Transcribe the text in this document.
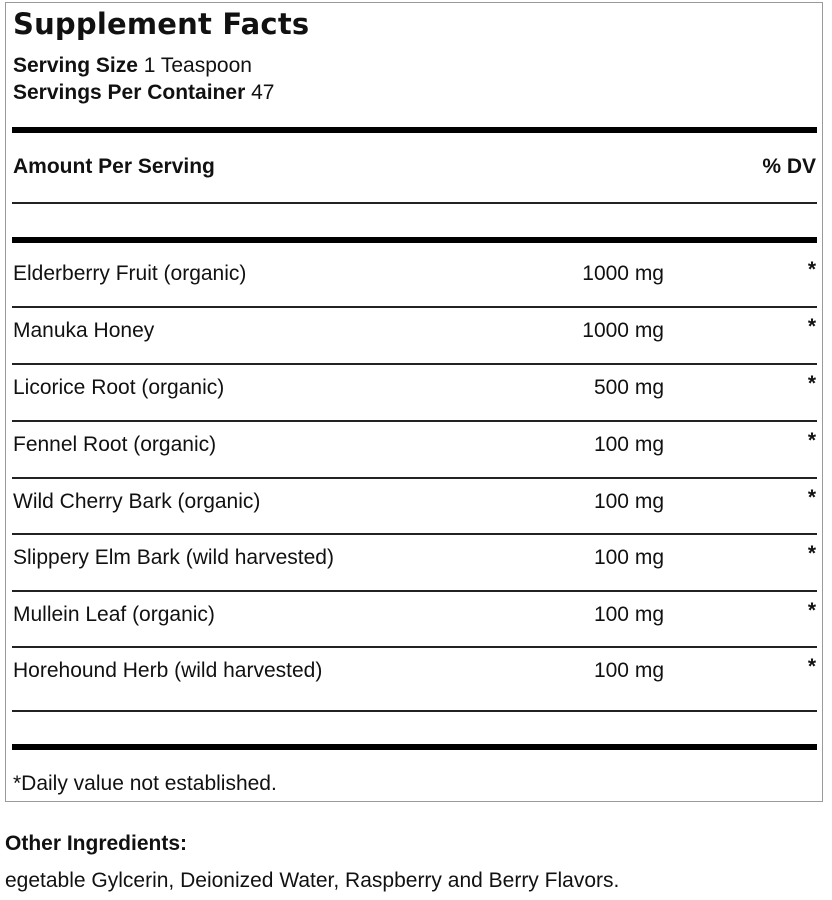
Supplement Facts
Serving Size 1 Teaspoon
Servings Per Container 47
Amount Per Serving	% DV
Elderberry Fruit (organic)	1000 mg	*
Manuka Honey	1000 mg	*
Licorice Root (organic)	500 mg	*
Fennel Root (organic)	100 mg	*
Wild Cherry Bark (organic)	100 mg	*
Slippery Elm Bark (wild harvested)	100 mg	*
Mullein Leaf (organic)	100 mg	*
Horehound Herb (wild harvested)	100 mg	*
*Daily value not established.
Other Ingredients:
egetable Gylcerin, Deionized Water, Raspberry and Berry Flavors.
